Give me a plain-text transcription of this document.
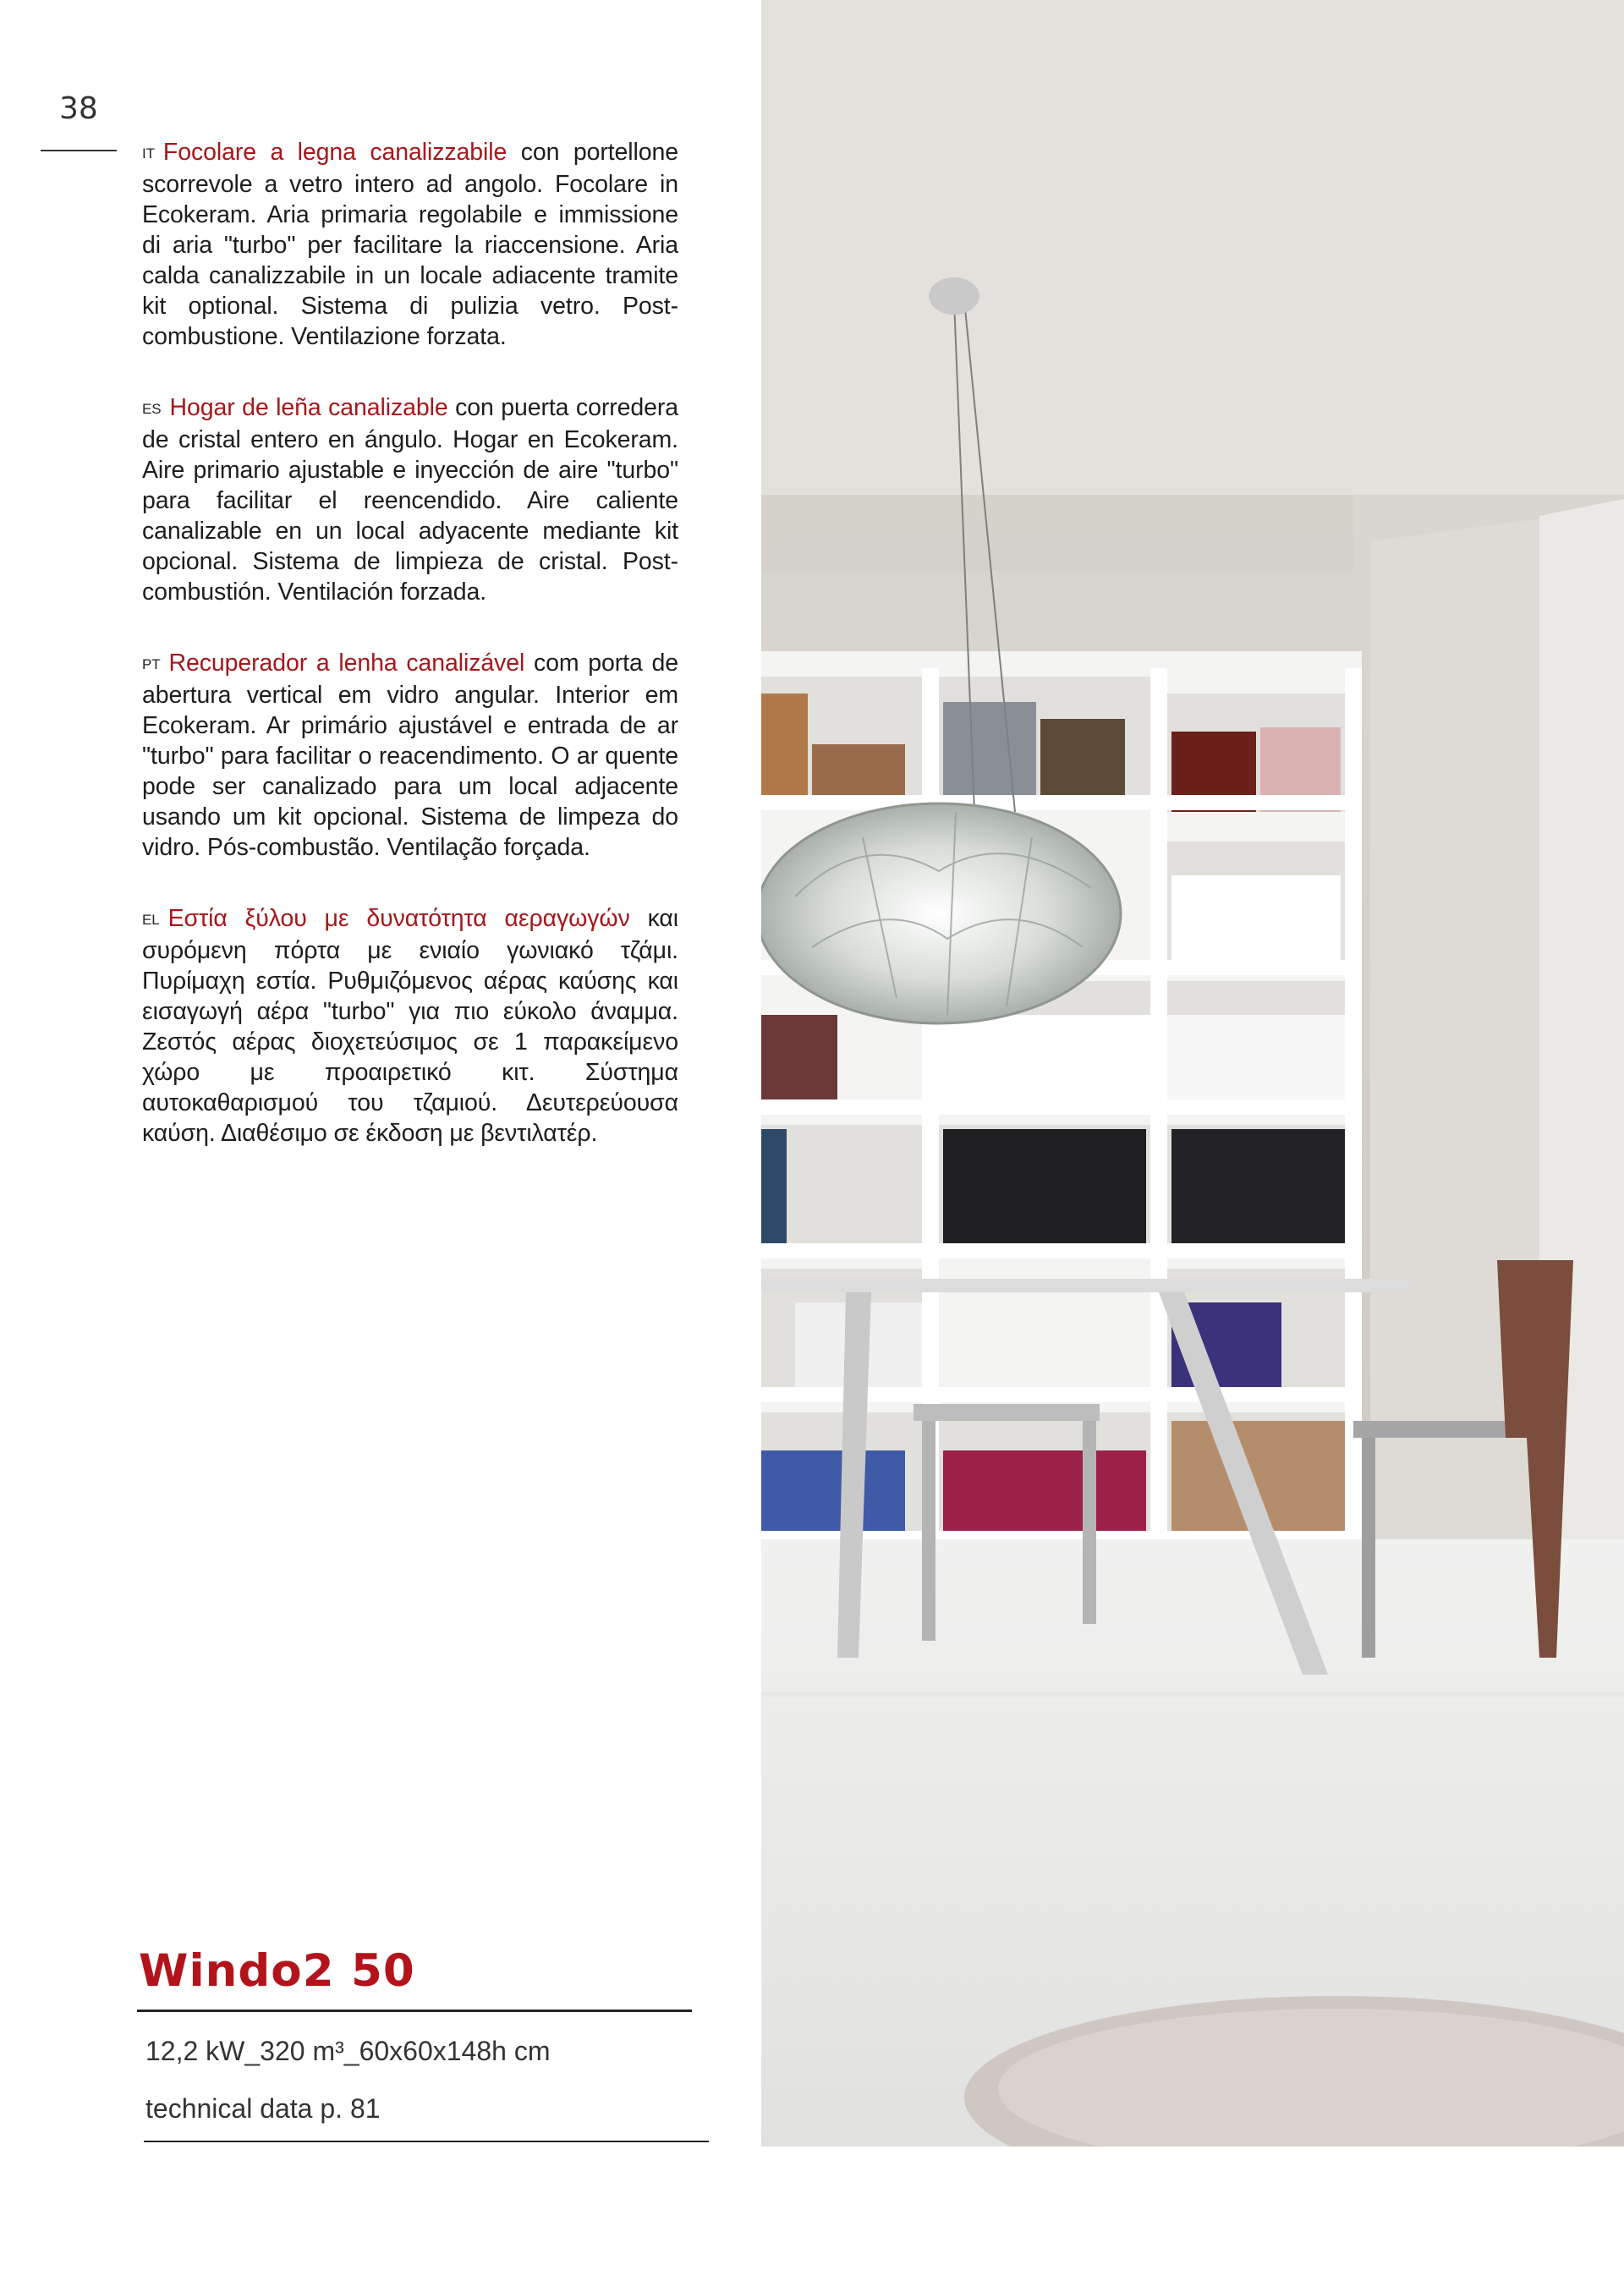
38

IT Focolare a legna canalizzabile con portellone scorrevole a vetro intero ad angolo. Focolare in Ecokeram. Aria primaria regolabile e immissione di aria "turbo" per facilitare la riaccensione. Aria calda canalizzabile in un locale adiacente tramite kit optional. Sistema di pulizia vetro. Post-combustione. Ventilazione forzata.

ES Hogar de leña canalizable con puerta corredera de cristal entero en ángulo. Hogar en Ecokeram. Aire primario ajustable e inyección de aire "turbo" para facilitar el reencendido. Aire caliente canalizable en un local adyacente mediante kit opcional. Sistema de limpieza de cristal. Post-combustión. Ventilación forzada.

PT Recuperador a lenha canalizável com porta de abertura vertical em vidro angular. Interior em Ecokeram. Ar primário ajustável e entrada de ar "turbo" para facilitar o reacendimento. O ar quente pode ser canalizado para um local adjacente usando um kit opcional. Sistema de limpeza do vidro. Pós-combustão. Ventilação forçada.

EL Εστία ξύλου με δυνατότητα αεραγωγών και συρόμενη πόρτα με ενιαίο γωνιακό τζάμι. Πυρίμαχη εστία. Ρυθμιζόμενος αέρας καύσης και εισαγωγή αέρα "turbo" για πιο εύκολο άναμμα. Ζεστός αέρας διοχετεύσιμος σε 1 παρακείμενο χώρο με προαιρετικό κιτ. Σύστημα αυτοκαθαρισμού του τζαμιού. Δευτερεύουσα καύση. Διαθέσιμο σε έκδοση με βεντιλατέρ.

Windo2 50
12,2 kW_320 m³_60x60x148h cm
technical data p. 81
